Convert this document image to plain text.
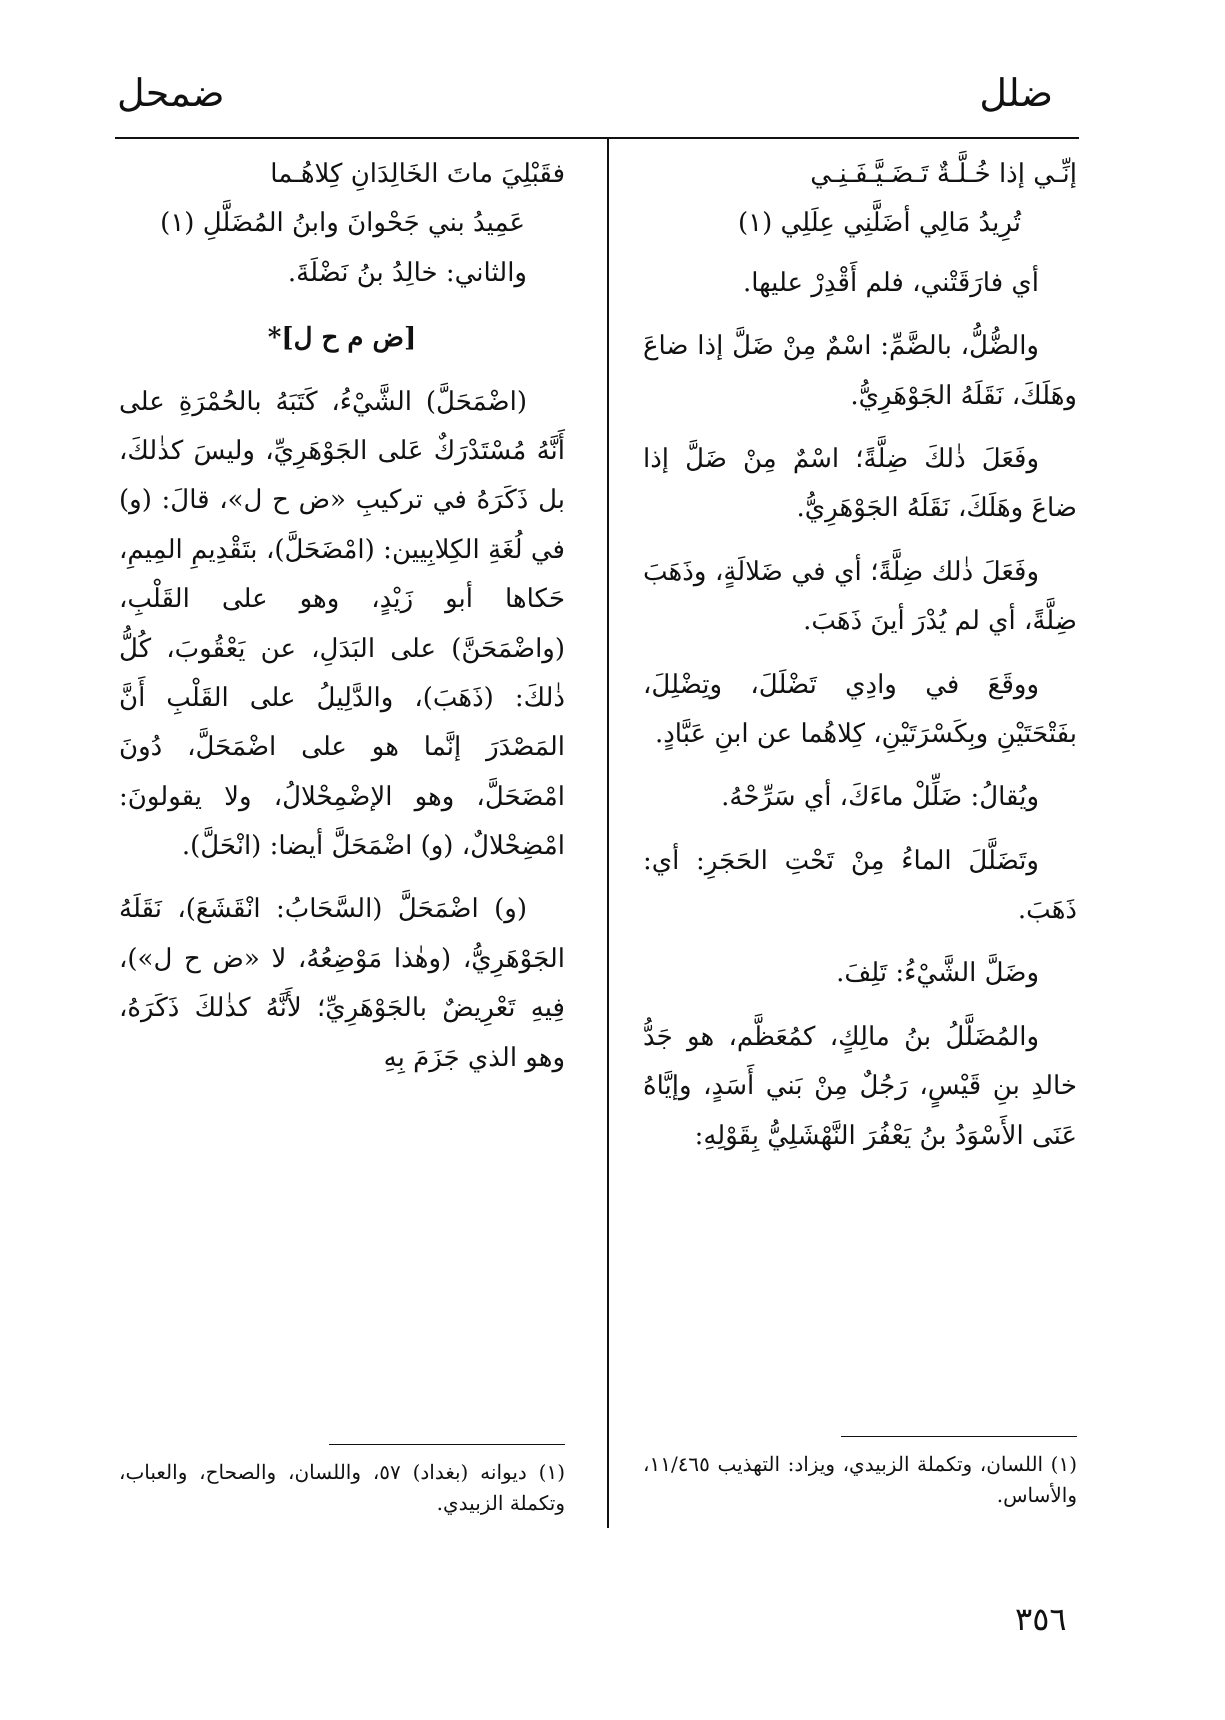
ضلل
ضمحل
إنِّـي إذا خُـلَّـةٌ تَـضَـيَّـفَـنِـي
تُرِيدُ مَالِي أضَلَّنِي عِلَلِي (١)

أي فارَقَتْني، فلم أَقْدِرْ عليها.

والضُّلُّ، بالضَّمِّ: اسْمٌ مِنْ ضَلَّ إذا ضاعَ وهَلَكَ، نَقَلَهُ الجَوْهَرِيُّ.

وفَعَلَ ذٰلكَ ضِلَّةً؛ اسْمٌ مِنْ ضَلَّ إذا ضاعَ وهَلَكَ، نَقَلَهُ الجَوْهَرِيُّ.

وفَعَلَ ذٰلك ضِلَّةً؛ أي في ضَلالَةٍ، وذَهَبَ ضِلَّةً، أي لم يُدْرَ أينَ ذَهَبَ.

ووقَعَ في وادِي تَضْلَلَ، وتِضْلِلَ، بفَتْحَتَيْنِ وبِكَسْرَتَيْنِ، كِلاهُما عن ابنِ عَبَّادٍ.

ويُقالُ: ضَلِّلْ ماءَكَ، أي سَرِّحْهُ.

وتَضَلَّلَ الماءُ مِنْ تَحْتِ الحَجَرِ: أي: ذَهَبَ.

وضَلَّ الشَّيْءُ: تَلِفَ.

والمُضَلَّلُ بنُ مالِكٍ، كمُعَظَّم، هو جَدُّ خالدِ بنِ قَيْسٍ، رَجُلٌ مِنْ بَني أَسَدٍ، وإيَّاهُ عَنَى الأَسْوَدُ بنُ يَعْفُرَ النَّهْشَلِيُّ بِقَوْلِهِ:

فقَبْلِيَ ماتَ الخَالِدَانِ كِلاهُـما
عَمِيدُ بني جَحْوانَ وابنُ المُضَلَّلِ (١)

والثاني: خالِدُ بنُ نَضْلَةَ.

[ض م ح ل]*

(اضْمَحَلَّ) الشَّيْءُ، كَتَبَهُ بالحُمْرَةِ على أَنَّهُ مُسْتَدْرَكٌ عَلى الجَوْهَرِيِّ، وليسَ كذٰلكَ، بل ذَكَرَهُ في تركيبِ «ض ح ل»، قالَ: (و) في لُغَةِ الكِلابِيين: (امْضَحَلَّ)، بتَقْدِيمِ المِيمِ، حَكاها أبو زَيْدٍ، وهو على القَلْبِ، (واضْمَحَنَّ) على البَدَلِ، عن يَعْقُوبَ، كُلُّ ذٰلكَ: (ذَهَبَ)، والدَّلِيلُ على القَلْبِ أَنَّ المَصْدَرَ إنَّما هو على اضْمَحَلَّ، دُونَ امْضَحَلَّ، وهو الإضْمِحْلالُ، ولا يقولونَ: امْضِحْلالٌ، (و) اضْمَحَلَّ أيضا: (انْحَلَّ).

(و) اضْمَحَلَّ (السَّحَابُ: انْقَشَعَ)، نَقَلَهُ الجَوْهَرِيُّ، (وهٰذا مَوْضِعُهُ، لا «ض ح ل»)، فِيهِ تَعْرِيضٌ بالجَوْهَرِيِّ؛ لأَنَّهُ كذٰلكَ ذَكَرَهُ، وهو الذي جَزَمَ بِهِ

(١) اللسان، وتكملة الزبيدي، ويزاد: التهذيب ١١/٤٦٥، والأساس.
(١) ديوانه (بغداد) ٥٧، واللسان، والصحاح، والعباب، وتكملة الزبيدي.
٣٥٦
